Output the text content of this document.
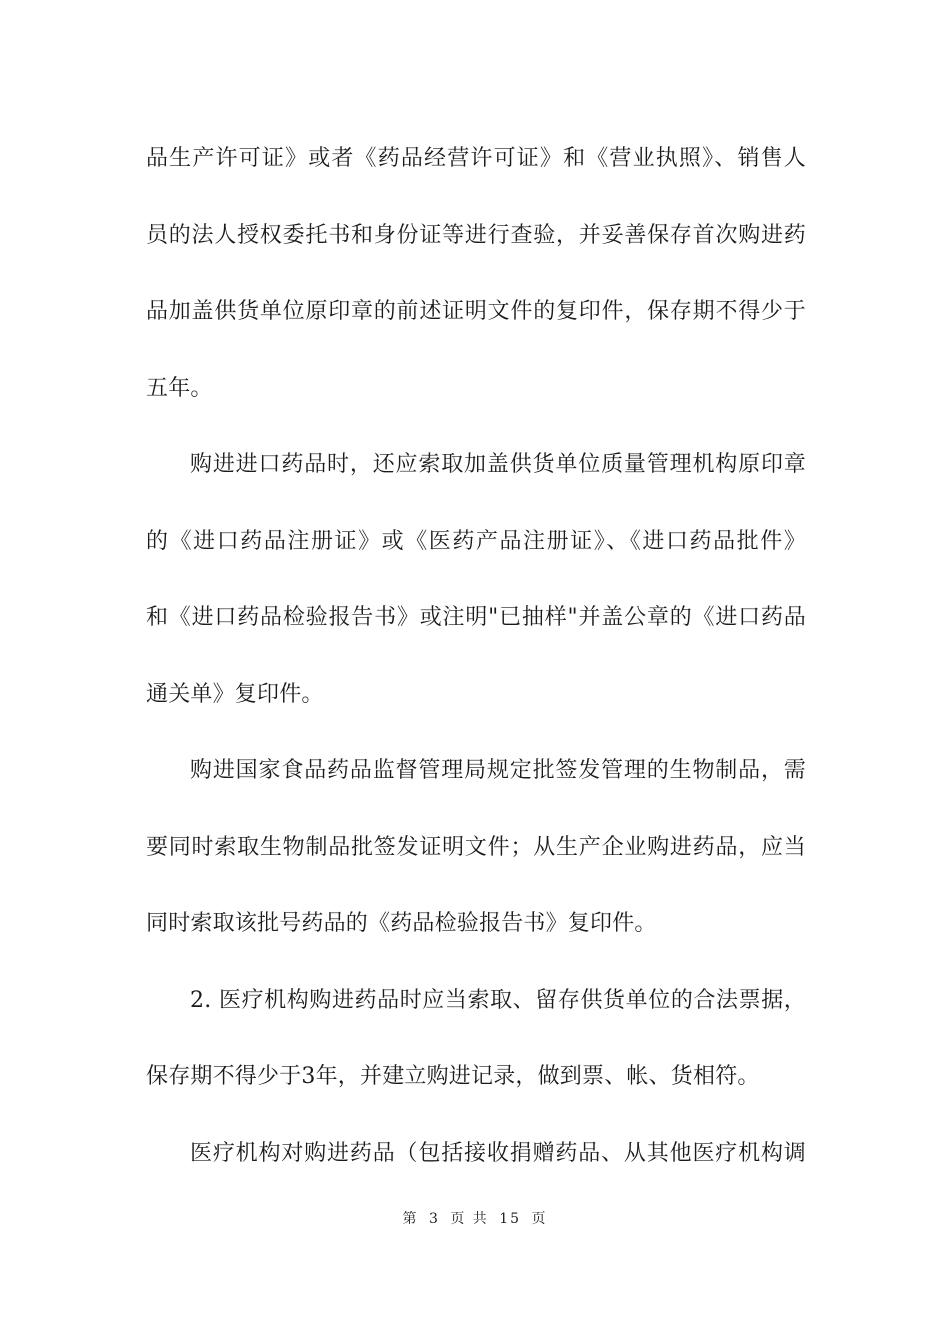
品生产许可证》或者《药品经营许可证》和《营业执照》、销售人
员的法人授权委托书和身份证等进行查验，并妥善保存首次购进药
品加盖供货单位原印章的前述证明文件的复印件，保存期不得少于
五年。
购进进口药品时，还应索取加盖供货单位质量管理机构原印章
的《进口药品注册证》或《医药产品注册证》、《进口药品批件》
和《进口药品检验报告书》或注明"已抽样"并盖公章的《进口药品
通关单》复印件。
购进国家食品药品监督管理局规定批签发管理的生物制品，需
要同时索取生物制品批签发证明文件；从生产企业购进药品，应当
同时索取该批号药品的《药品检验报告书》复印件。
2. 医疗机构购进药品时应当索取、留存供货单位的合法票据，
保存期不得少于3年，并建立购进记录，做到票、帐、货相符。
医疗机构对购进药品（包括接收捐赠药品、从其他医疗机构调
第 3 页 共 15 页
